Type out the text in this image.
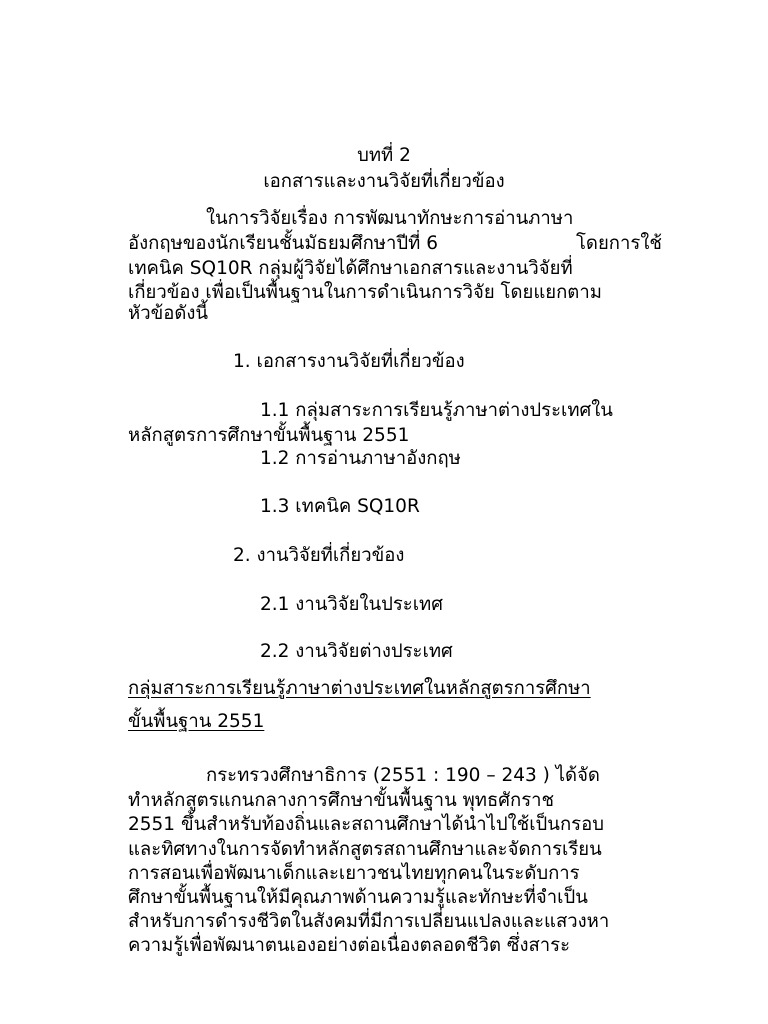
บทที่ 2
เอกสารและงานวิจัยที่เกี่ยวข้อง
ในการวิจัยเรื่อง การพัฒนาทักษะการอ่านภาษา
อังกฤษของนักเรียนชั้นมัธยมศึกษาปีที่ 6	โดยการใช้
เทคนิค SQ10R กลุ่มผู้วิจัยได้ศึกษาเอกสารและงานวิจัยที่
เกี่ยวข้อง เพื่อเป็นพื้นฐานในการดำเนินการวิจัย โดยแยกตาม
หัวข้อดังนี้
1. เอกสารงานวิจัยที่เกี่ยวข้อง
1.1 กลุ่มสาระการเรียนรู้ภาษาต่างประเทศใน
หลักสูตรการศึกษาขั้นพื้นฐาน 2551
1.2 การอ่านภาษาอังกฤษ
1.3 เทคนิค SQ10R
2. งานวิจัยที่เกี่ยวข้อง
2.1 งานวิจัยในประเทศ
2.2 งานวิจัยต่างประเทศ
กลุ่มสาระการเรียนรู้ภาษาต่างประเทศในหลักสูตรการศึกษา
ขั้นพื้นฐาน 2551
กระทรวงศึกษาธิการ (2551 : 190 – 243 ) ได้จัด
ทำหลักสูตรแกนกลางการศึกษาขั้นพื้นฐาน พุทธศักราช
2551 ขึ้นสำหรับท้องถิ่นและสถานศึกษาได้นำไปใช้เป็นกรอบ
และทิศทางในการจัดทำหลักสูตรสถานศึกษาและจัดการเรียน
การสอนเพื่อพัฒนาเด็กและเยาวชนไทยทุกคนในระดับการ
ศึกษาขั้นพื้นฐานให้มีคุณภาพด้านความรู้และทักษะที่จำเป็น
สำหรับการดำรงชีวิตในสังคมที่มีการเปลี่ยนแปลงและแสวงหา
ความรู้เพื่อพัฒนาตนเองอย่างต่อเนื่องตลอดชีวิต ซึ่งสาระ
